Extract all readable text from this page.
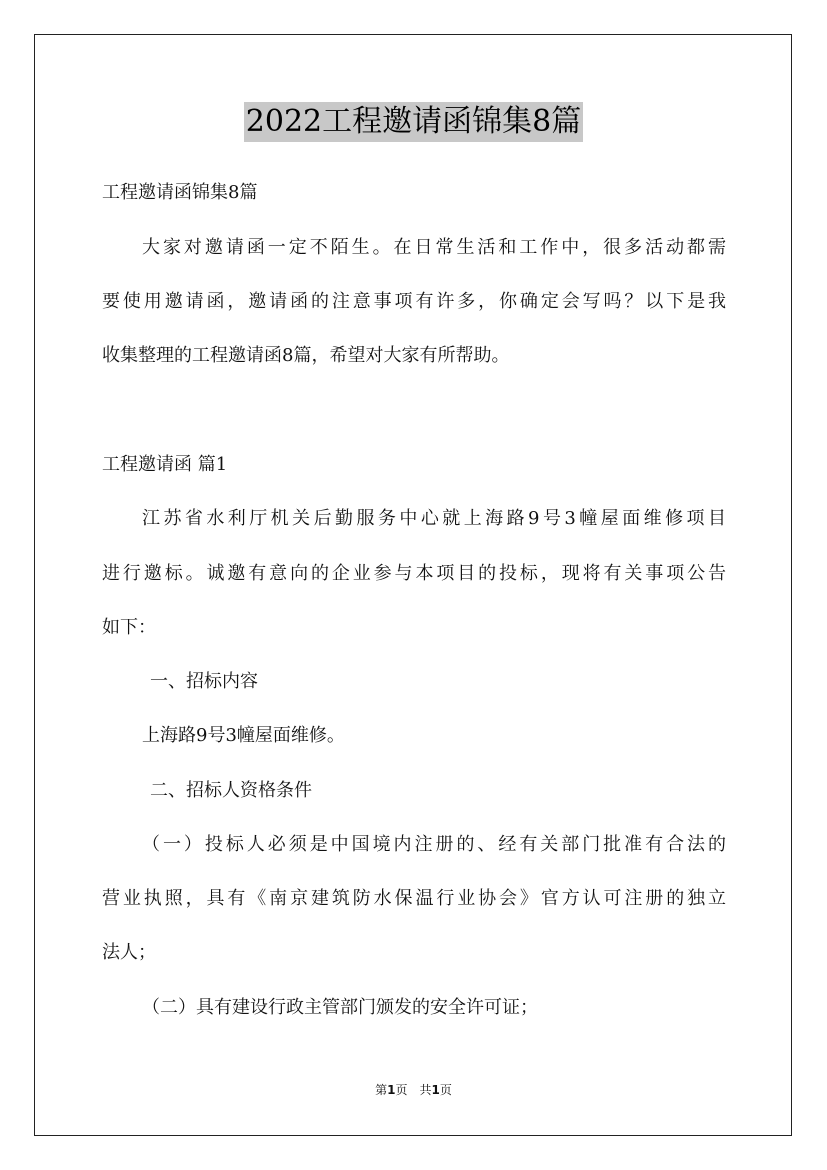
2022工程邀请函锦集8篇
工程邀请函锦集8篇
大家对邀请函一定不陌生。在日常生活和工作中，很多活动都需
要使用邀请函，邀请函的注意事项有许多，你确定会写吗？以下是我
收集整理的工程邀请函8篇，希望对大家有所帮助。
工程邀请函 篇1
江苏省水利厅机关后勤服务中心就上海路9号3幢屋面维修项目
进行邀标。诚邀有意向的企业参与本项目的投标，现将有关事项公告
如下：
一、招标内容
上海路9号3幢屋面维修。
二、招标人资格条件
（一）投标人必须是中国境内注册的、经有关部门批准有合法的
营业执照，具有《南京建筑防水保温行业协会》官方认可注册的独立
法人；
（二）具有建设行政主管部门颁发的安全许可证；
第1页　共1页
